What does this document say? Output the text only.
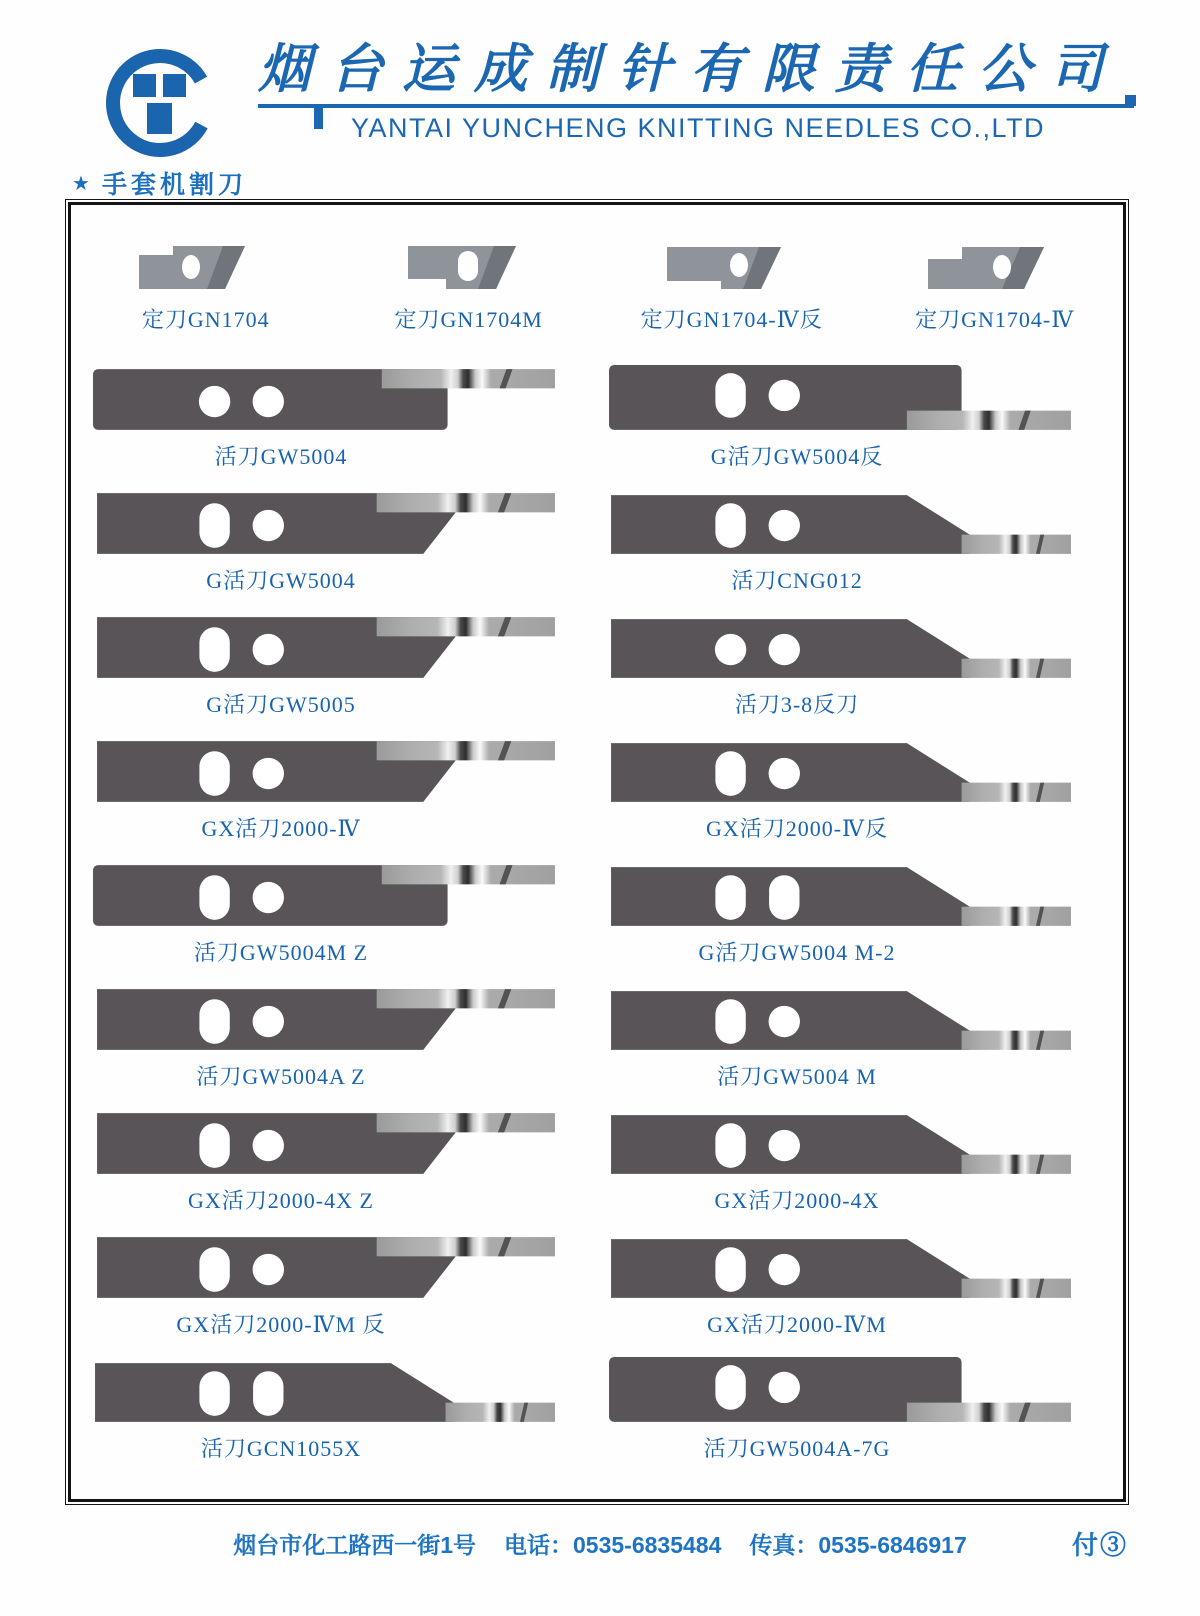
烟台运成制针有限责任公司
YANTAI YUNCHENG KNITTING NEEDLES CO.,LTD
★ 手套机割刀
定刀GN1704	定刀GN1704M	定刀GN1704-Ⅳ反	定刀GN1704-Ⅳ
活刀GW5004	G活刀GW5004反
G活刀GW5004	活刀CNG012
G活刀GW5005	活刀3-8反刀
GX活刀2000-Ⅳ	GX活刀2000-Ⅳ反
活刀GW5004M Z	G活刀GW5004 M-2
活刀GW5004A Z	活刀GW5004 M
GX活刀2000-4X Z	GX活刀2000-4X
GX活刀2000-ⅣM 反	GX活刀2000-ⅣM
活刀GCN1055X	活刀GW5004A-7G
烟台市化工路西一街1号 电话：0535-6835484 传真：0535-6846917	付③
